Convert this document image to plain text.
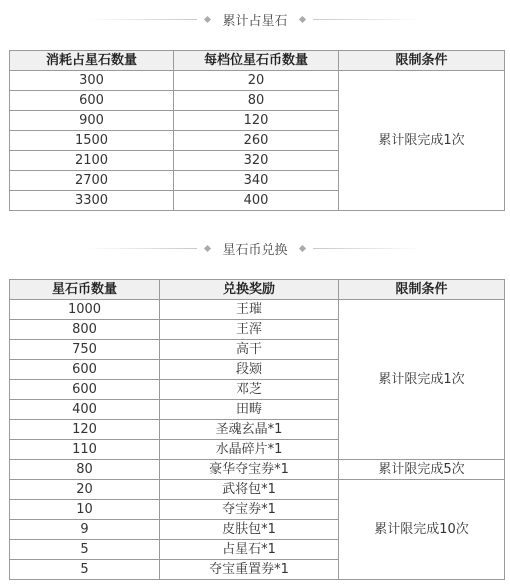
累计占星石
消耗占星石数量	每档位星石币数量	限制条件
300	20	累计限完成1次
600	80	
900	120	
1500	260	
2100	320	
2700	340	
3300	400	
星石币兑换
星石币数量	兑换奖励	限制条件
1000	王璀	累计限完成1次
800	王浑	
750	高干	
600	段颎	
600	邓芝	
400	田畴	
120	圣魂玄晶*1	
110	水晶碎片*1	
80	豪华夺宝券*1	累计限完成5次
20	武将包*1	累计限完成10次
10	夺宝券*1	
9	皮肤包*1	
5	占星石*1	
5	夺宝重置券*1	
